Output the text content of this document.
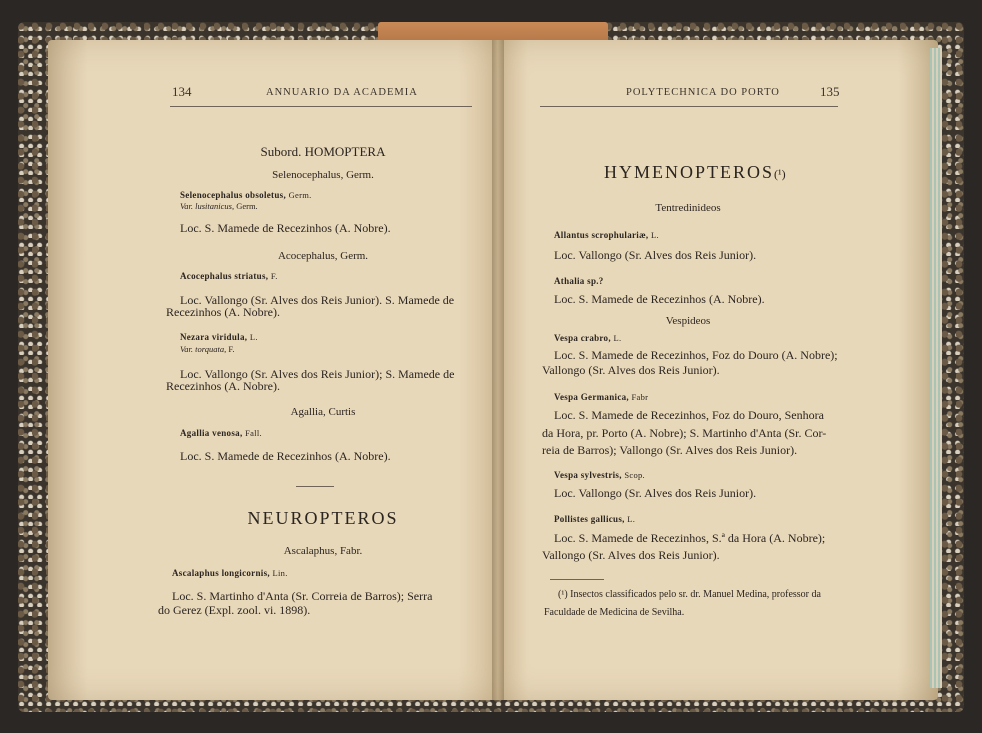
134	ANNUARIO DA ACADEMIA
Subord. HOMOPTERA
Selenocephalus, Germ.
Selenocephalus obsoletus, Germ.
Var. lusitanicus, Germ.
Loc. S. Mamede de Recezinhos (A. Nobre).
Acocephalus, Germ.
Acocephalus striatus, F.
Loc. Vallongo (Sr. Alves dos Reis Junior). S. Mamede de
Recezinhos (A. Nobre).
Nezara viridula, L.
Var. torquata, F.
Loc. Vallongo (Sr. Alves dos Reis Junior); S. Mamede de
Recezinhos (A. Nobre).
Agallia, Curtis
Agallia venosa, Fall.
Loc. S. Mamede de Recezinhos (A. Nobre).
NEUROPTEROS
Ascalaphus, Fabr.
Ascalaphus longicornis, Lin.
Loc. S. Martinho d'Anta (Sr. Correia de Barros); Serra
do Gerez (Expl. zool. vi. 1898).
POLYTECHNICA DO PORTO	135
HYMENOPTEROS(¹)
Tentredinideos
Allantus scrophulariæ, L.
Loc. Vallongo (Sr. Alves dos Reis Junior).
Athalia sp.?
Loc. S. Mamede de Recezinhos (A. Nobre).
Vespideos
Vespa crabro, L.
Loc. S. Mamede de Recezinhos, Foz do Douro (A. Nobre);
Vallongo (Sr. Alves dos Reis Junior).
Vespa Germanica, Fabr
Loc. S. Mamede de Recezinhos, Foz do Douro, Senhora
da Hora, pr. Porto (A. Nobre); S. Martinho d'Anta (Sr. Cor-
reia de Barros); Vallongo (Sr. Alves dos Reis Junior).
Vespa sylvestris, Scop.
Loc. Vallongo (Sr. Alves dos Reis Junior).
Pollistes gallicus, L.
Loc. S. Mamede de Recezinhos, S.ª da Hora (A. Nobre);
Vallongo (Sr. Alves dos Reis Junior).
(¹) Insectos classificados pelo sr. dr. Manuel Medina, professor da
Faculdade de Medicina de Sevilha.
